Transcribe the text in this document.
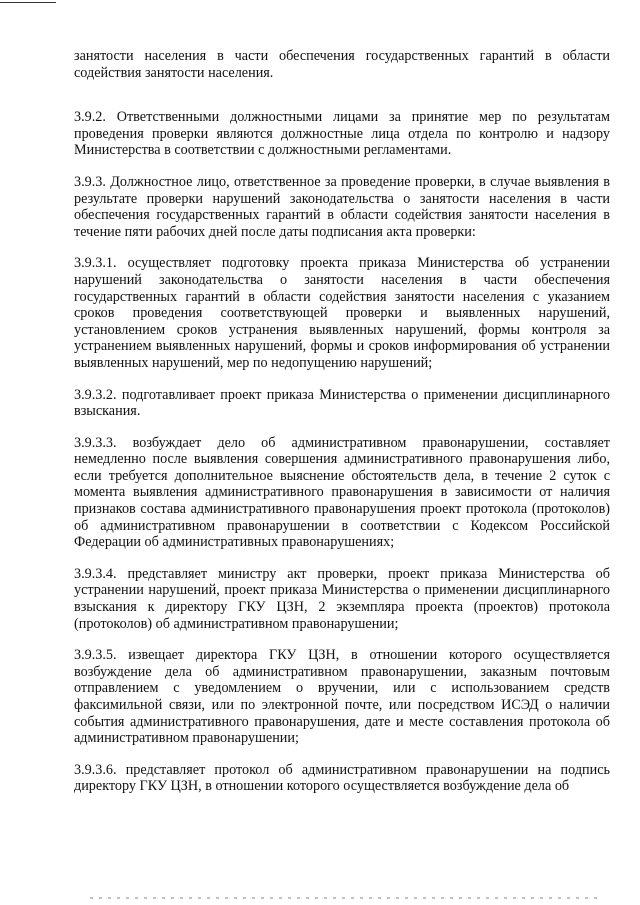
занятости населения в части обеспечения государственных гарантий в области содействия занятости населения.

3.9.2. Ответственными должностными лицами за принятие мер по результатам проведения проверки являются должностные лица отдела по контролю и надзору Министерства в соответствии с должностными регламентами.

3.9.3. Должностное лицо, ответственное за проведение проверки, в случае выявления в результате проверки нарушений законодательства о занятости населения в части обеспечения государственных гарантий в области содействия занятости населения в течение пяти рабочих дней после даты подписания акта проверки:

3.9.3.1. осуществляет подготовку проекта приказа Министерства об устранении нарушений законодательства о занятости населения в части обеспечения государственных гарантий в области содействия занятости населения с указанием сроков проведения соответствующей проверки и выявленных нарушений, установлением сроков устранения выявленных нарушений, формы контроля за устранением выявленных нарушений, формы и сроков информирования об устранении выявленных нарушений, мер по недопущению нарушений;

3.9.3.2. подготавливает проект приказа Министерства о применении дисциплинарного взыскания.

3.9.3.3. возбуждает дело об административном правонарушении, составляет немедленно после выявления совершения административного правонарушения либо, если требуется дополнительное выяснение обстоятельств дела, в течение 2 суток с момента выявления административного правонарушения в зависимости от наличия признаков состава административного правонарушения проект протокола (протоколов) об административном правонарушении в соответствии с Кодексом Российской Федерации об административных правонарушениях;

3.9.3.4. представляет министру акт проверки, проект приказа Министерства об устранении нарушений, проект приказа Министерства о применении дисциплинарного взыскания к директору ГКУ ЦЗН, 2 экземпляра проекта (проектов) протокола (протоколов) об административном правонарушении;

3.9.3.5. извещает директора ГКУ ЦЗН, в отношении которого осуществляется возбуждение дела об административном правонарушении, заказным почтовым отправлением с уведомлением о вручении, или с использованием средств факсимильной связи, или по электронной почте, или посредством ИСЭД о наличии события административного правонарушения, дате и месте составления протокола об административном правонарушении;

3.9.3.6. представляет протокол об административном правонарушении на подпись директору ГКУ ЦЗН, в отношении которого осуществляется возбуждение дела об
